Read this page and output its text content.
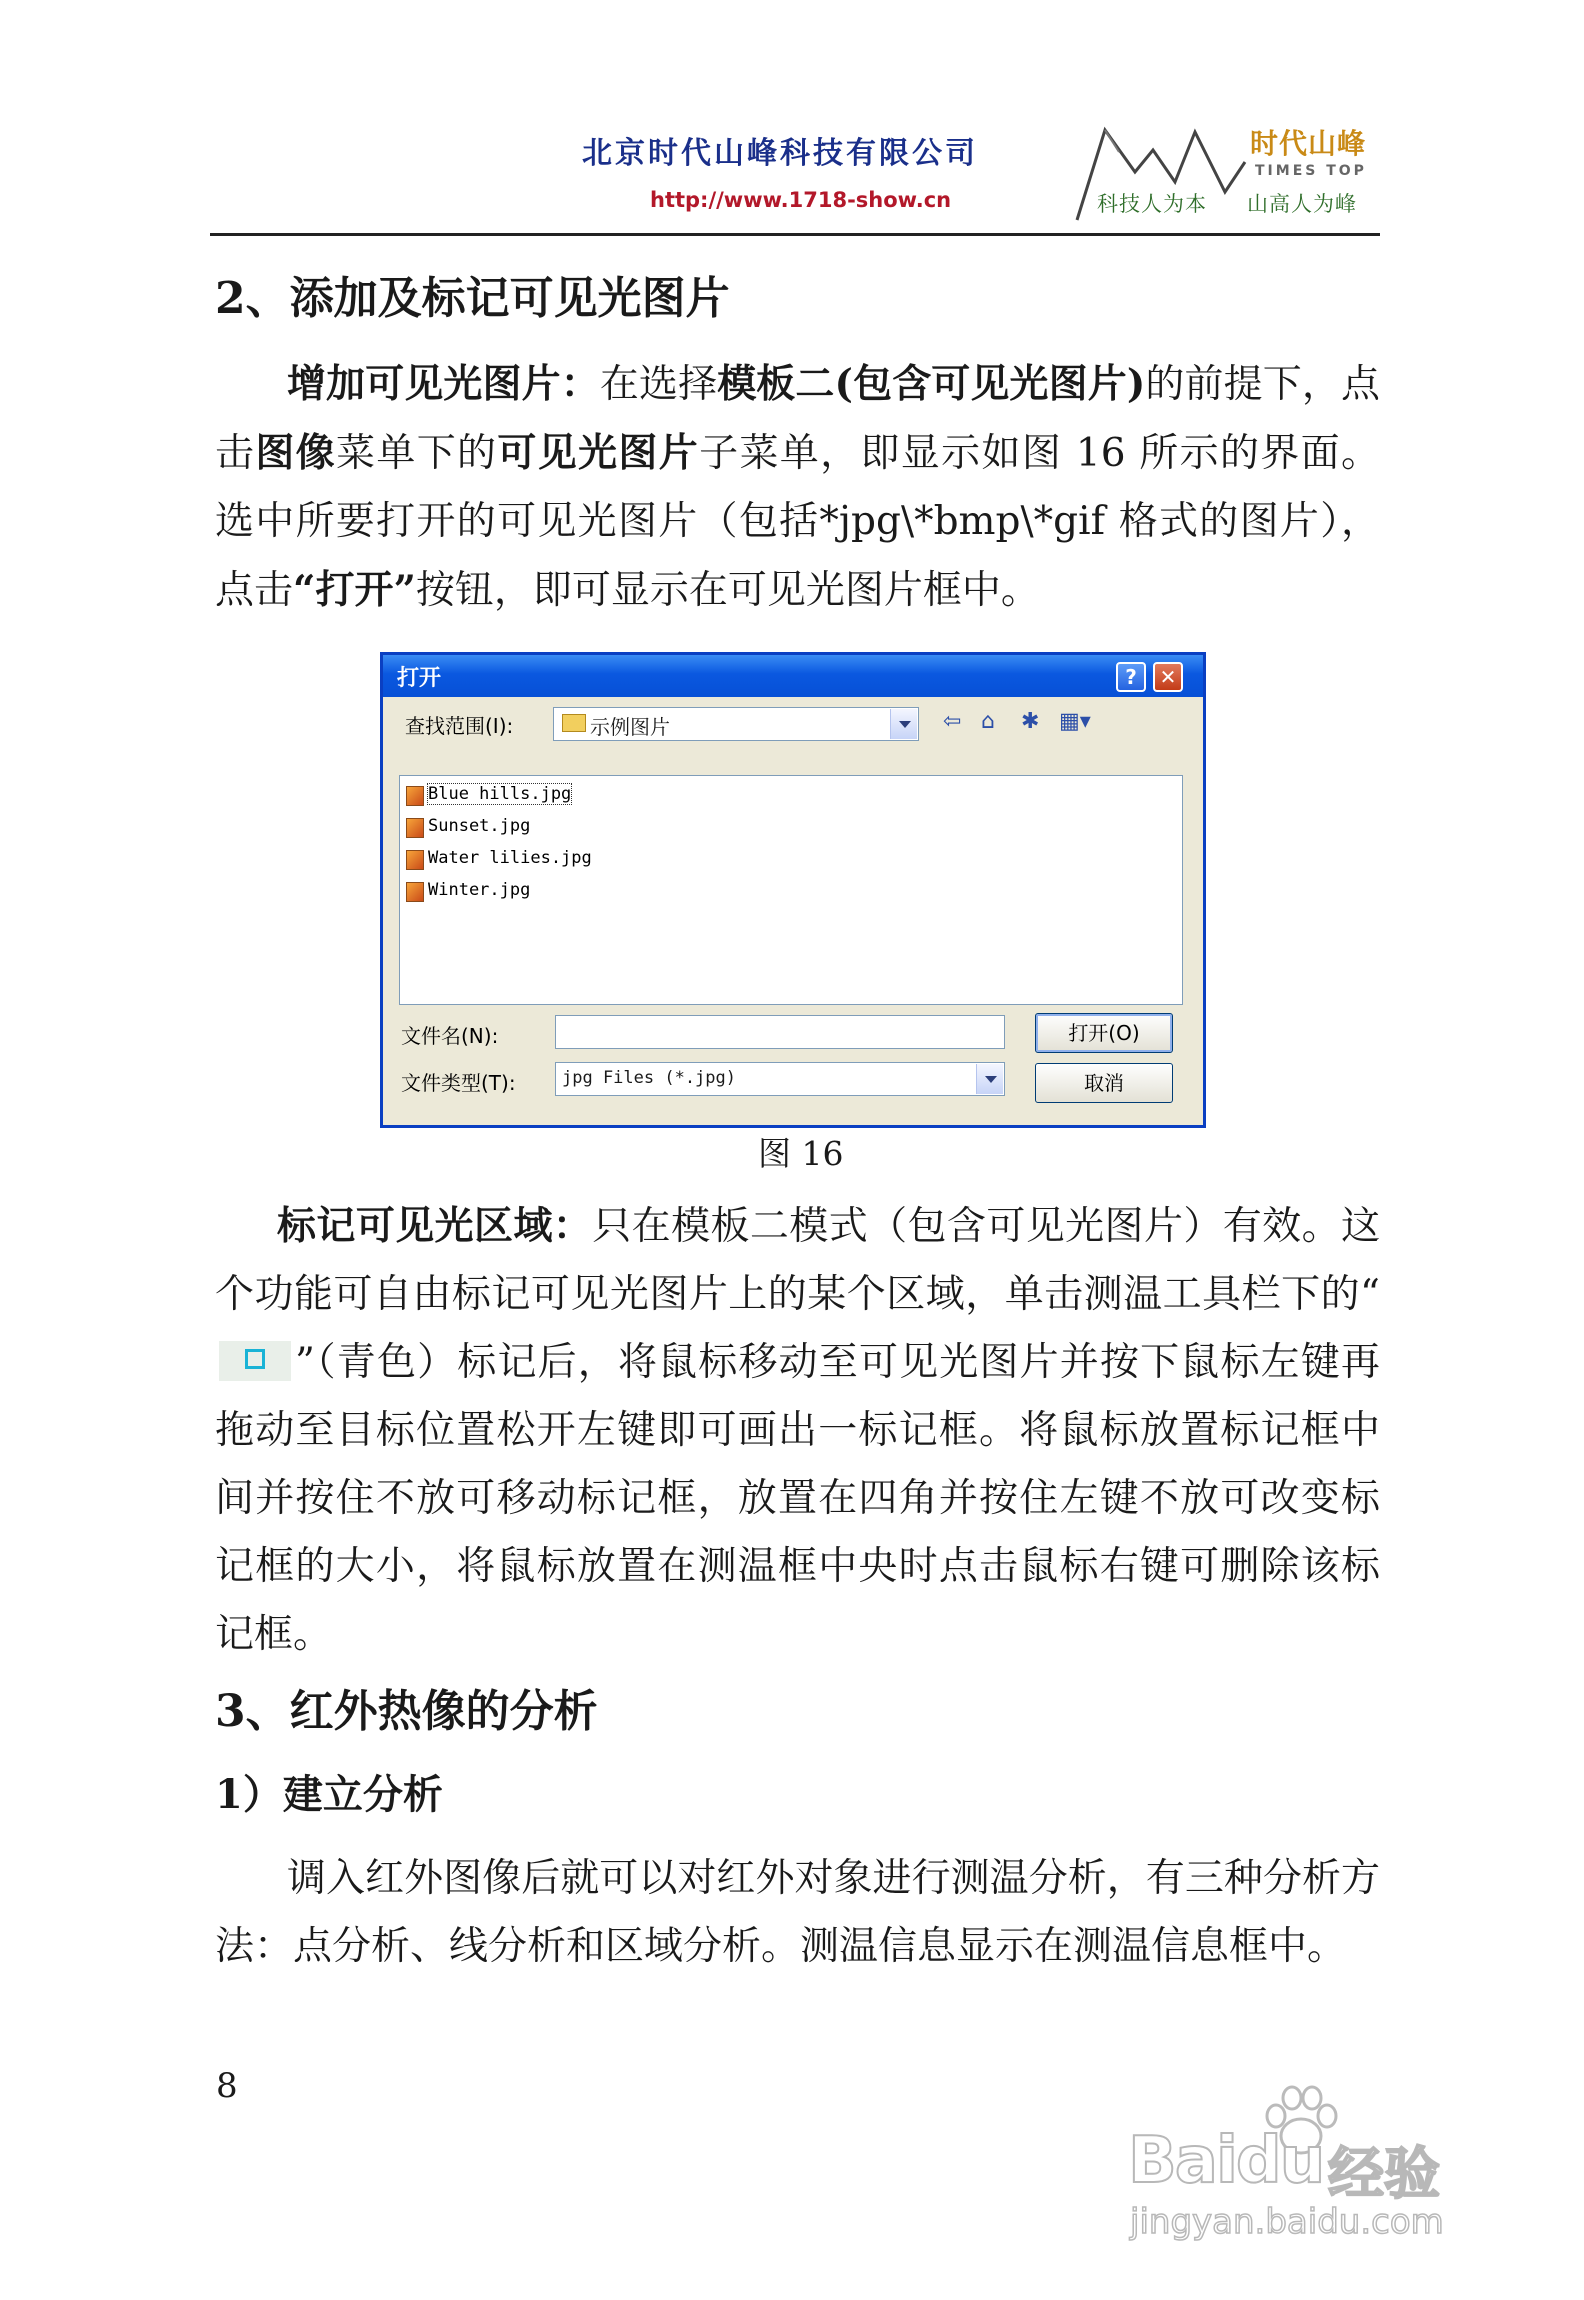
北京时代山峰科技有限公司
http://www.1718-show.cn
时代山峰
TIMES TOP
科技人为本 山高人为峰
2、添加及标记可见光图片

增加可见光图片：在选择模板二(包含可见光图片)的前提下，点击图像菜单下的可见光图片子菜单，即显示如图 16 所示的界面。选中所要打开的可见光图片（包括*jpg\*bmp\*gif 格式的图片），点击“打开”按钮，即可显示在可见光图片框中。

打开	?	✕
查找范围(I):	示例图片	⇦ ⌂ ✱ ▦▾
Blue hills.jpg
Sunset.jpg
Water lilies.jpg
Winter.jpg
文件名(N):
文件类型(T):	jpg Files (*.jpg)
打开(O)
取消
图 16

标记可见光区域：只在模板二模式（包含可见光图片）有效。这个功能可自由标记可见光图片上的某个区域，单击测温工具栏下的“
”（青色）标记后，将鼠标移动至可见光图片并按下鼠标左键再拖动至目标位置松开左键即可画出一标记框。将鼠标放置标记框中间并按住不放可移动标记框，放置在四角并按住左键不放可改变标记框的大小，将鼠标放置在测温框中央时点击鼠标右键可删除该标记框。

3、红外热像的分析
1）建立分析

调入红外图像后就可以对红外对象进行测温分析，有三种分析方法：点分析、线分析和区域分析。测温信息显示在测温信息框中。

8
Baidu 经验
jingyan.baidu.com
